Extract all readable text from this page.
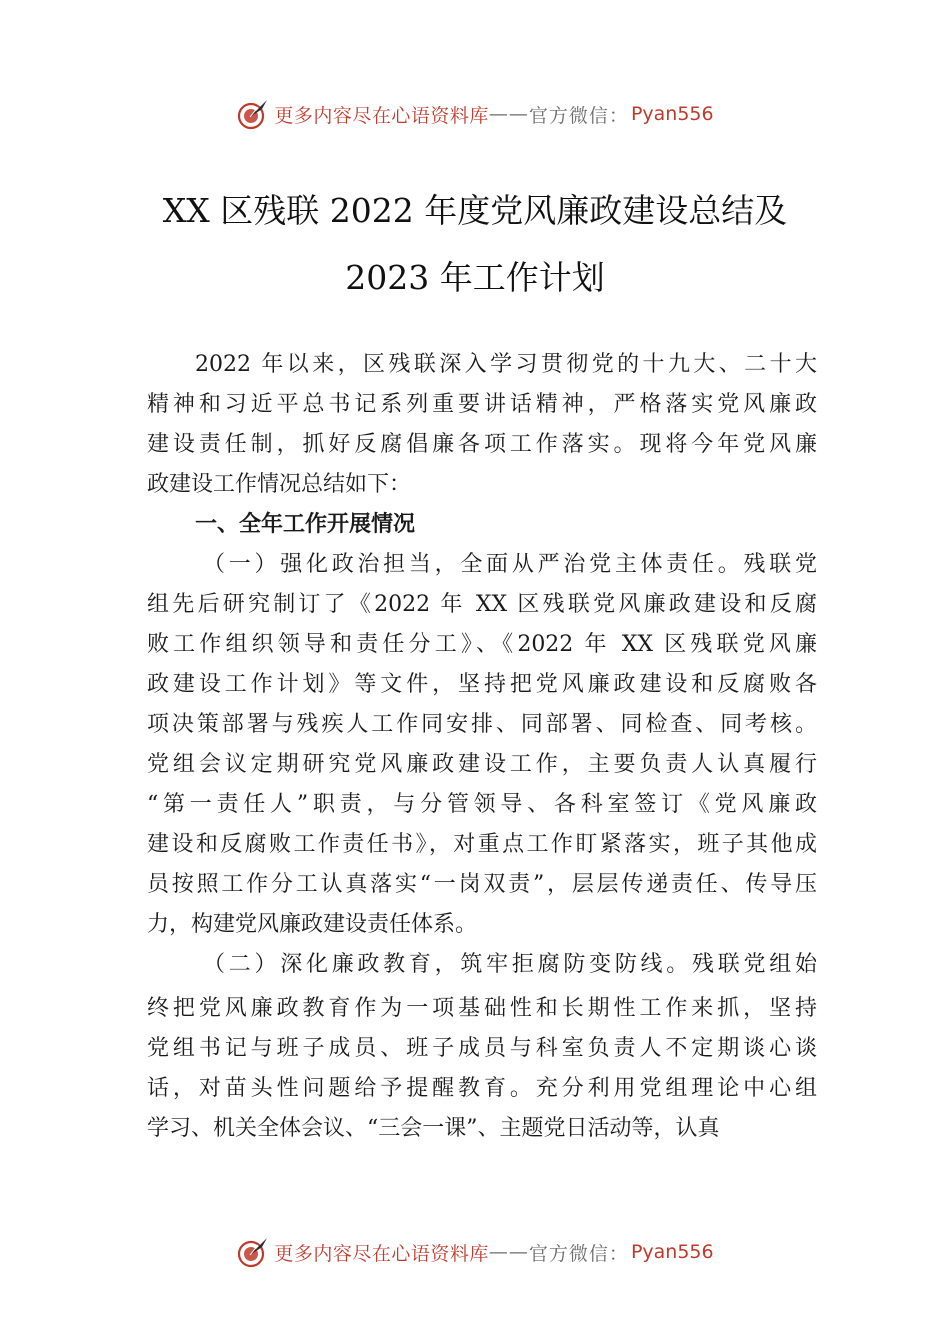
更多内容尽在心语资料库 —— 官方微信： Pyan556
XX 区残联 2022 年度党风廉政建设总结及
2023 年工作计划
2022 年以来，区残联深入学习贯彻党的十九大、二十大
精神和习近平总书记系列重要讲话精神，严格落实党风廉政
建设责任制，抓好反腐倡廉各项工作落实。现将今年党风廉
政建设工作情况总结如下：
一、全年工作开展情况
（一）强化政治担当，全面从严治党主体责任。残联党
组先后研究制订了《2022 年 XX 区残联党风廉政建设和反腐
败工作组织领导和责任分工》、《2022 年 XX 区残联党风廉
政建设工作计划》等文件，坚持把党风廉政建设和反腐败各
项决策部署与残疾人工作同安排、同部署、同检查、同考核。
党组会议定期研究党风廉政建设工作，主要负责人认真履行
“第一责任人”职责，与分管领导、各科室签订《党风廉政
建设和反腐败工作责任书》，对重点工作盯紧落实，班子其他成
员按照工作分工认真落实“一岗双责”，层层传递责任、传导压
力，构建党风廉政建设责任体系。
（二）深化廉政教育，筑牢拒腐防变防线。残联党组始
终把党风廉政教育作为一项基础性和长期性工作来抓，坚持
党组书记与班子成员、班子成员与科室负责人不定期谈心谈
话，对苗头性问题给予提醒教育。充分利用党组理论中心组
学习、机关全体会议、“三会一课”、主题党日活动等，认真
更多内容尽在心语资料库 —— 官方微信： Pyan556
